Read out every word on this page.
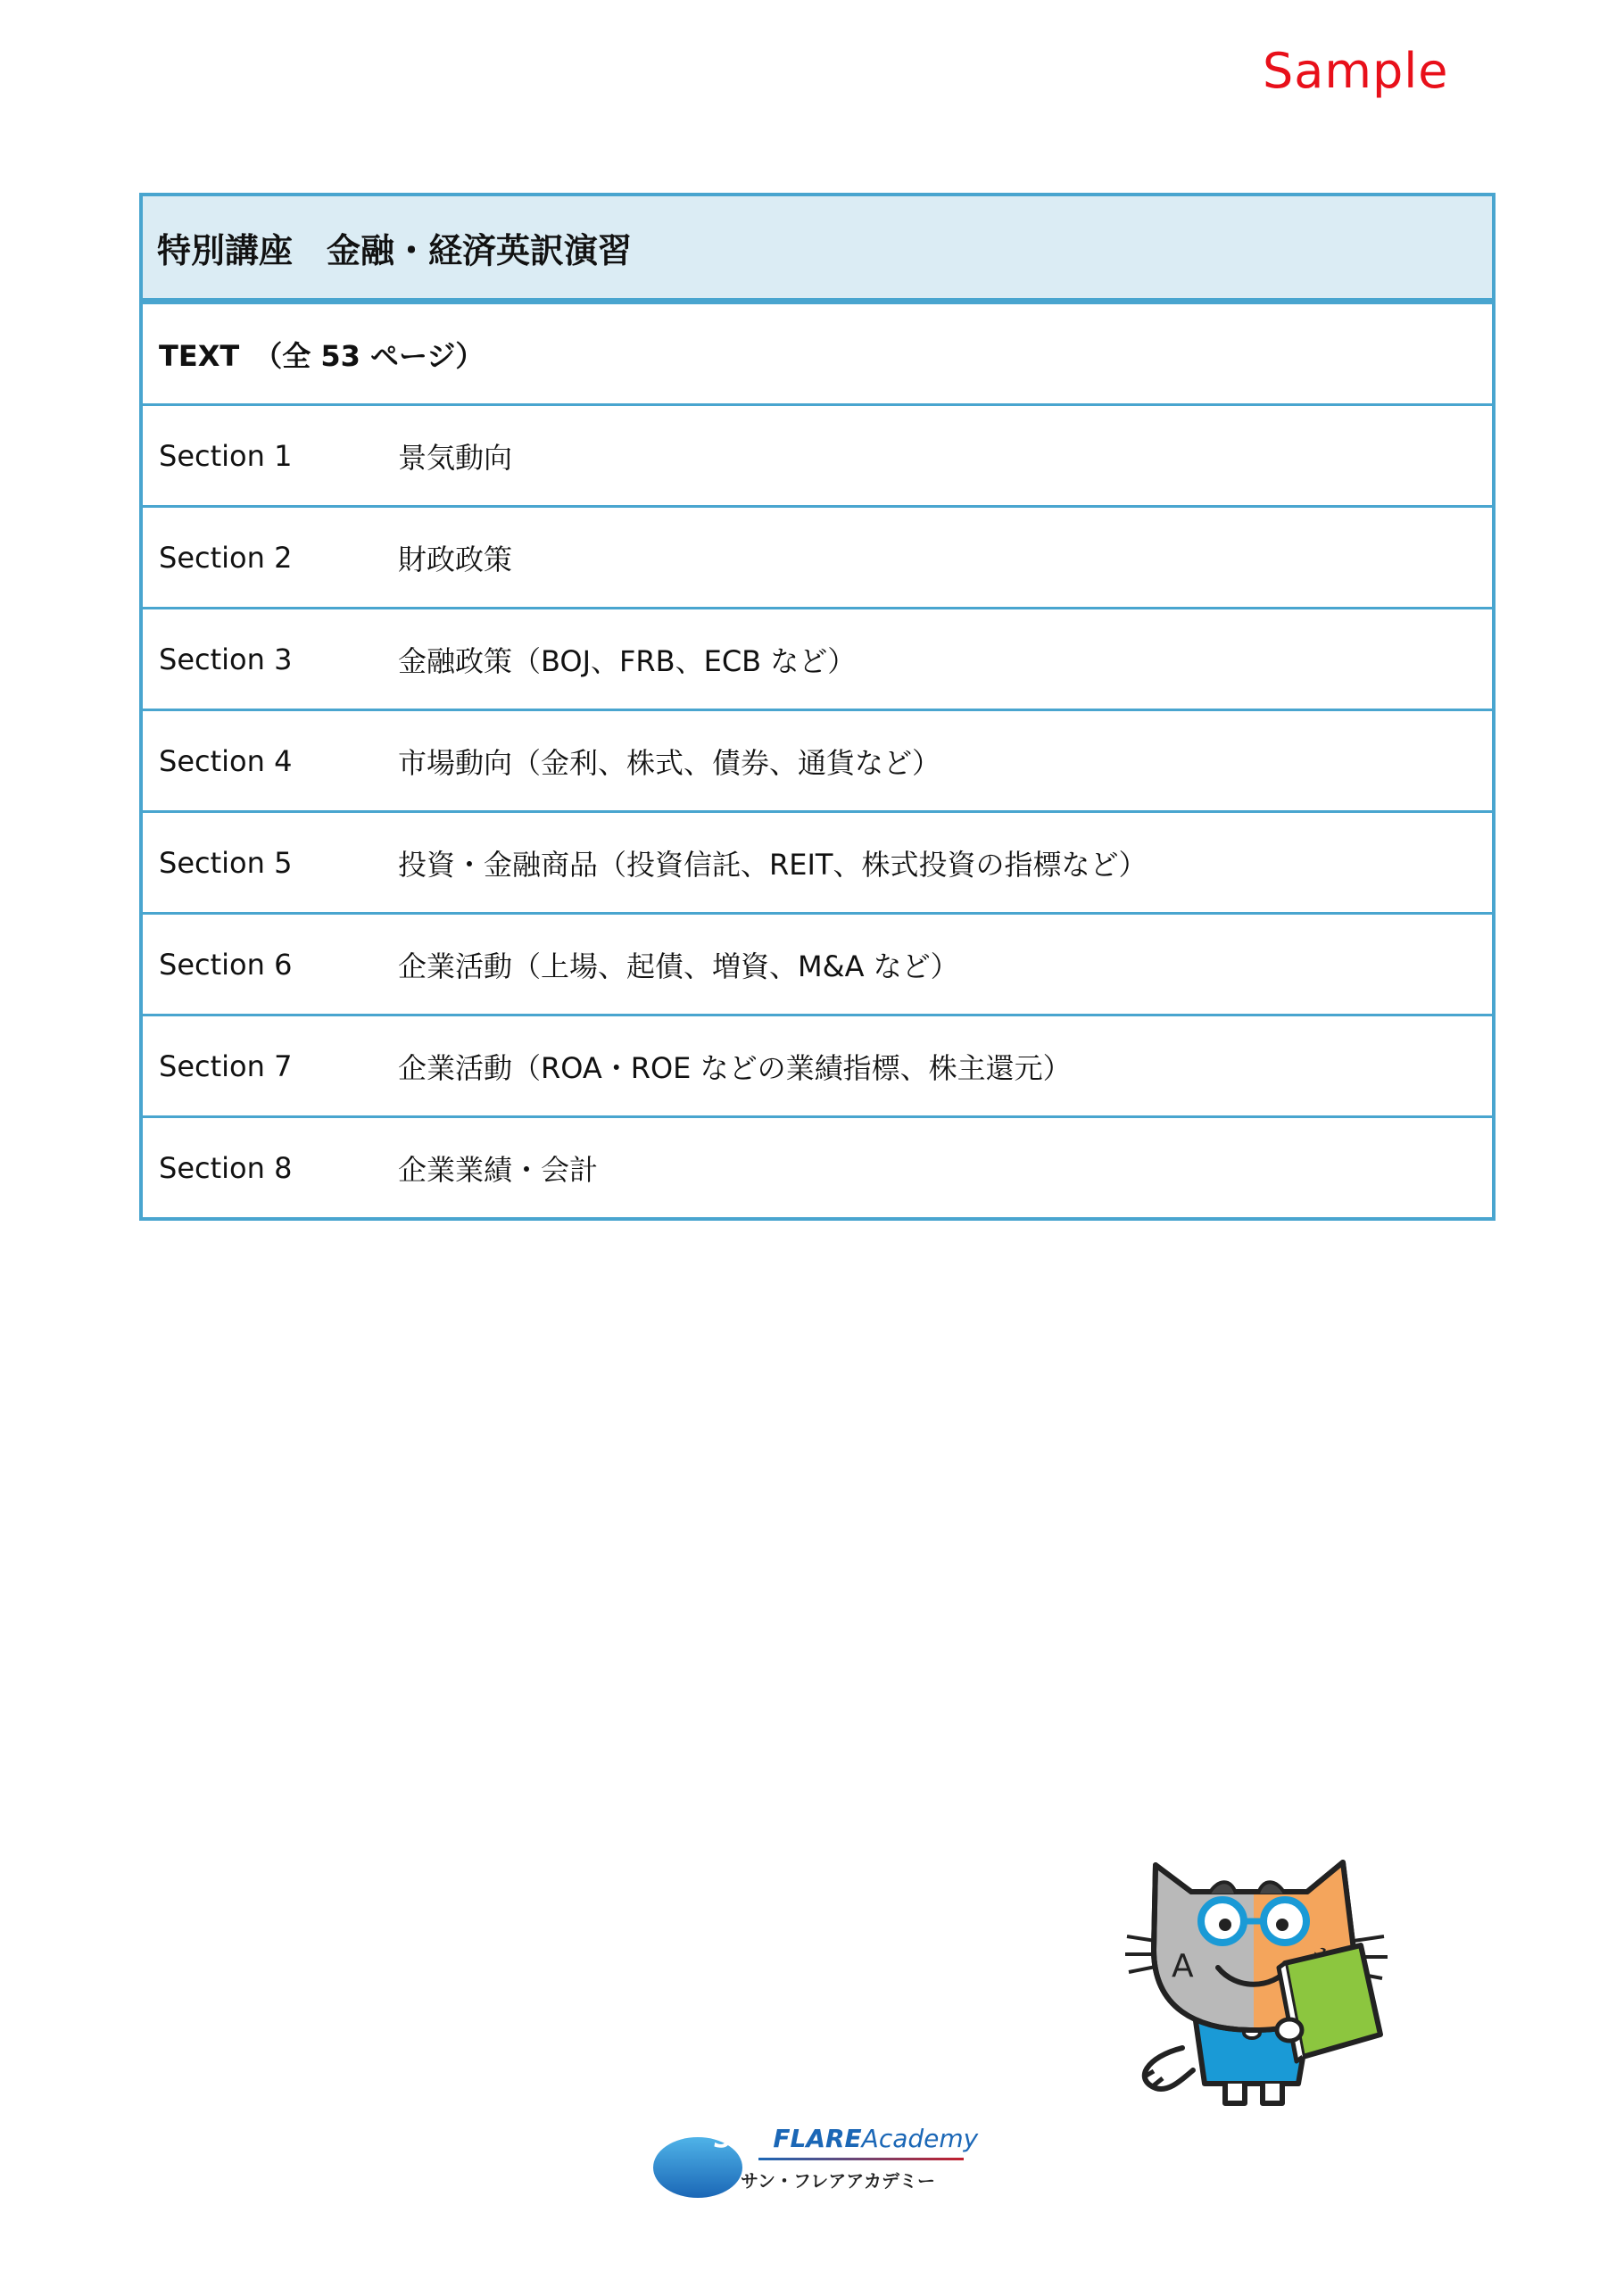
Sample
特別講座　金融・経済英訳演習
TEXT　（全 53 ページ）
Section 1	景気動向
Section 2	財政政策
Section 3	金融政策（BOJ、FRB、ECB など）
Section 4	市場動向（金利、株式、債券、通貨など）
Section 5	投資・金融商品（投資信託、REIT、株式投資の指標など）
Section 6	企業活動（上場、起債、増資、M&A など）
Section 7	企業活動（ROA・ROE などの業績指標、株主還元）
Section 8	企業業績・会計
A
SUNFLAREAcademy
サン・フレアアカデミー
